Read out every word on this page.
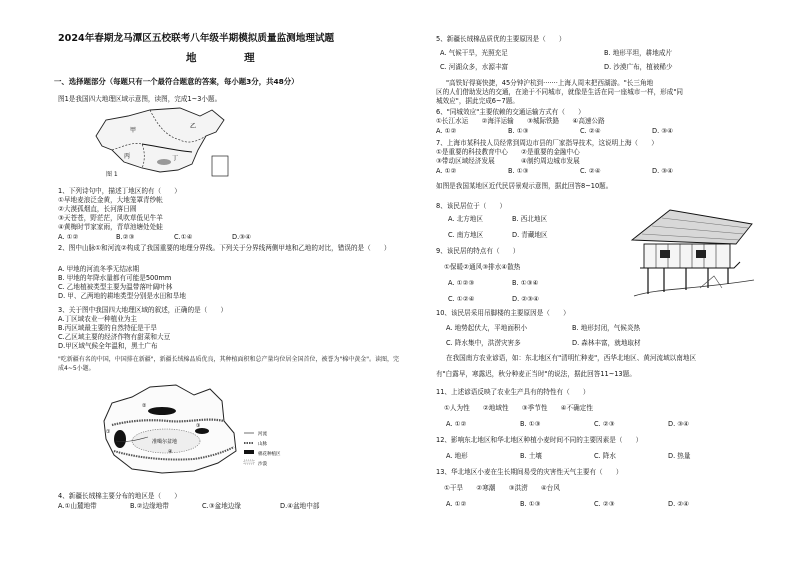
2024年春期龙马潭区五校联考八年级半期模拟质量监测地理试题
地 理
一、选择题部分（每题只有一个最符合题意的答案，每小题3分，共48分）
图1是我国四大地理区域示意图，读图，完成1~3小题。
甲
乙
丙	丁
图 1
1、下列诗句中，描述丁地区的有（　　）
①早地麦浪泛金黄，大地笼罩青纱帐
②大漠孤烟直，长河落日圆
③天苍苍，野茫茫，风吹草低见牛羊
④黄梅时节家家雨，青草池塘处处蛙
A. ①②	B.②③	C.①④	D.③④
2、图中山脉①和河流②构成了我国重要的地理分界线。下列关于分界线两侧甲地和乙地的对比，错误的是（　　）
A. 甲地的河流冬季无结冰期
B. 甲地的年降水量都有可能是500mm
C. 乙地植被类型主要为温带落叶阔叶林
D. 甲、乙两地的耕地类型分别是水田和旱地
3、关于图中我国四大地理区域的叙述，正确的是（　　）
A.丁区域农业一种植业为主
B.丙区域最主要的自然特征是干旱
C.乙区域主要的经济作物有甜菜和大豆
D.甲区域气候全年温和，黑土广布
"吃新疆有名的中国，中国排在新疆"，新疆长绒棉品质优良，其种植面积和总产量均位居全国首位，被誉为"棉中黄金"。读图，完成4~5小题。
准噶尔盆地
①
②
③
④
河流
山脉
棉花种植区
沙漠
4、新疆长绒棉主要分布的地区是（　　）
A.①山麓地带	B.②边缘地带	C.③盆地边缘	D.④盆地中部
5、新疆长绒棉品质优的主要原因是（　　）
A. 气候干旱，光照充足	B. 地形平坦，耕地成片
C. 河湖众多，水源丰富	D. 沙漠广布，植被稀少
"高铁好得赛快捷，45分钟沪杭到·······上海人周末把西湖游。"长三角地
区的人们借助发达的交通，在途于不同城市，就像是生活在同一座城市一样，形成"同
城效应"，据此完成6~7题。
6、"同城效应"主要依赖的交通运输方式有（　　）
①长江水运　　②海洋运输　　③城际铁路　　④高速公路
A. ①②	B. ①③	C. ②④	D. ③④
7、上海市某科技人员经常到周边市县的厂家指导技术，这说明上海（　　）
①是重要的科技教育中心　　②是重要的金融中心
③带动区域经济发展　　　　④制约周边城市发展
A. ①②	B. ①③	C. ②④	D. ③④
如图是我国某地区近代民居景观示意图，据此回答8~10题。
8、该民居位于（　　）
A. 北方地区	B. 西北地区
C. 南方地区	D. 青藏地区
9、该民居的特点有（　　）
①保暖②通风③排水④散热
A. ①②③	B. ①③④
C. ①②④	D. ②③④
10、该民居采用吊脚楼的主要原因是（　　）
A. 地势起伏大，平地面积小	B. 地形封闭，气候炎热
C. 降水集中，洪涝灾害多	D. 森林丰富，就地取材
在我国南方农业谚语，如：东北地区有"清明忙种麦"，西华北地区、黄河流域以南地区
有"白露早，寒露迟，秋分种麦正当时"的说法，据此回答11~13题。
11、上述谚语反映了农业生产具有的特性有（　　）
①人为性　　②地域性　　③季节性　　④不确定性
A. ①②	B. ①③	C. ②③	D. ③④
12、影响东北地区和华北地区种植小麦时间不同的主要因素是（　　）
A. 地形	B. 土壤	C. 降水	D. 热量
13、华北地区小麦在生长期间易受的灾害性天气主要有（　　）
①干旱　　②寒潮　　③洪涝　　④台风
A. ①②	B. ①③	C. ②③	D. ②④
